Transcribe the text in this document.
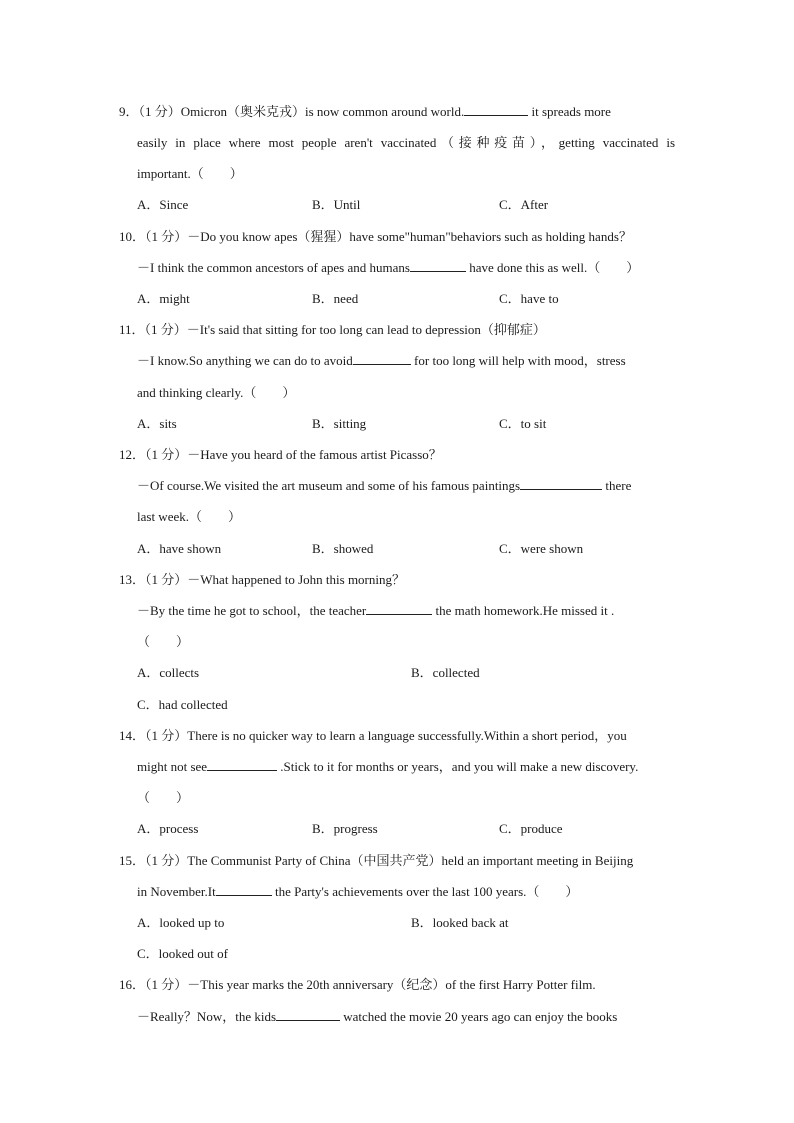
9．（1 分）Omicron（奥米克戎）is now common around world.	it spreads more
easily in place where most people aren't vaccinated（接种疫苗），getting vaccinated is
important.（　　）
A．Since	B．Until	C．After
10．（1 分）－Do you know apes（猩猩）have some"human"behaviors such as holding hands？
－I think the common ancestors of apes and humans	have done this as well.（　　）
A．might	B．need	C．have to
11．（1 分）－It's said that sitting for too long can lead to depression（抑郁症）
－I know.So anything we can do to avoid	for too long will help with mood，stress
and thinking clearly.（　　）
A．sits	B．sitting	C．to sit
12．（1 分）－Have you heard of the famous artist Picasso？
－Of course.We visited the art museum and some of his famous paintings	there
last week.（　　）
A．have shown	B．showed	C．were shown
13．（1 分）－What happened to John this morning？
－By the time he got to school，the teacher	the math homework.He missed it .
（　　）
A．collects	B．collected
C．had collected
14．（1 分）There is no quicker way to learn a language successfully.Within a short period，you
might not see	.Stick to it for months or years，and you will make a new discovery.
（　　）
A．process	B．progress	C．produce
15．（1 分）The Communist Party of China（中国共产党）held an important meeting in Beijing
in November.It	the Party's achievements over the last 100 years.（　　）
A．looked up to	B．looked back at
C．looked out of
16．（1 分）－This year marks the 20th anniversary（纪念）of the first Harry Potter film.
－Really？Now，the kids	watched the movie 20 years ago can enjoy the books
